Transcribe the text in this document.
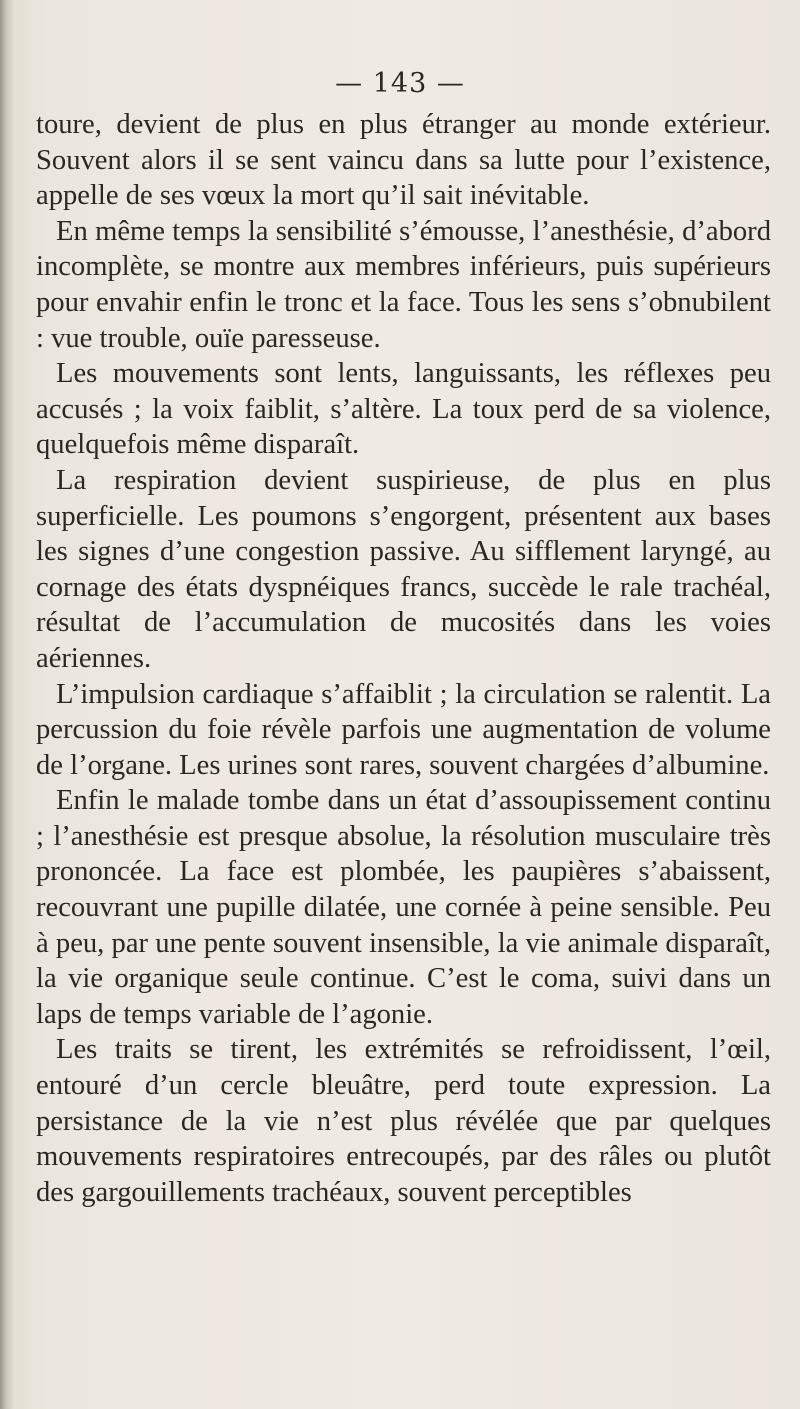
— 143 —

toure, devient de plus en plus étranger au monde extérieur. Souvent alors il se sent vaincu dans sa lutte pour l’existence, appelle de ses vœux la mort qu’il sait inévitable.

En même temps la sensibilité s’émousse, l’anesthésie, d’abord incomplète, se montre aux membres inférieurs, puis supérieurs pour envahir enfin le tronc et la face. Tous les sens s’obnubilent : vue trouble, ouïe paresseuse.

Les mouvements sont lents, languissants, les réflexes peu accusés ; la voix faiblit, s’altère. La toux perd de sa violence, quelquefois même disparaît.

La respiration devient suspirieuse, de plus en plus superficielle. Les poumons s’engorgent, présentent aux bases les signes d’une congestion passive. Au sifflement laryngé, au cornage des états dyspnéiques francs, succède le rale trachéal, résultat de l’accumulation de mucosités dans les voies aériennes.

L’impulsion cardiaque s’affaiblit ; la circulation se ralentit. La percussion du foie révèle parfois une augmentation de volume de l’organe. Les urines sont rares, souvent chargées d’albumine.

Enfin le malade tombe dans un état d’assoupissement continu ; l’anesthésie est presque absolue, la résolution musculaire très prononcée. La face est plombée, les paupières s’abaissent, recouvrant une pupille dilatée, une cornée à peine sensible. Peu à peu, par une pente souvent insensible, la vie animale disparaît, la vie organique seule continue. C’est le coma, suivi dans un laps de temps variable de l’agonie.

Les traits se tirent, les extrémités se refroidissent, l’œil, entouré d’un cercle bleuâtre, perd toute expression. La persistance de la vie n’est plus révélée que par quelques mouvements respiratoires entrecoupés, par des râles ou plutôt des gargouillements trachéaux, souvent perceptibles
